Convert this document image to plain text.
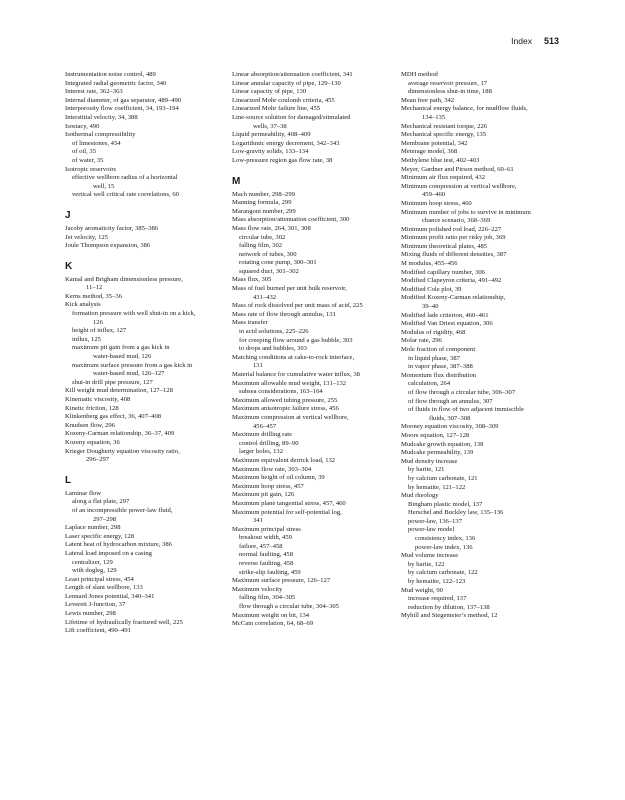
Index 513
Instrumentation noise control, 489
Integrated radial geometric factor, 340
Interest rate, 362–363
Internal diameter, of gas separator, 489–490
Interporosity flow coefficient, 34, 193–194
Interstitial velocity, 34, 388
Isostacy, 490
Isothermal compressibility
of limestones, 454
of oil, 35
of water, 35
Isotropic reservoirs
effective wellbore radius of a horizontal
well, 15
vertical well critical rate correlations, 60
J
Jacoby aromaticity factor, 385–386
Jet velocity, 125
Joule Thompson expansion, 386
K
Kamal and Brigham dimensionless pressure,
11–12
Kerns method, 35–36
Kick analysis
formation pressure with well shut-in on a kick,
126
height of influx, 127
influx, 125
maximum pit gain from a gas kick in
water-based mud, 126
maximum surface pressure from a gas kick in
water-based mud, 126–127
shut-in drill pipe pressure, 127
Kill weight mud determination, 127–128
Kinematic viscosity, 408
Kinetic friction, 128
Klinkenberg gas effect, 36, 407–408
Knudsen flow, 296
Kozeny-Carman relationship, 36–37, 409
Kozeny equation, 36
Krieger Dougherty equation viscosity ratio,
296–297
L
Laminar flow
along a flat plate, 297
of an incompressible power-law fluid,
297–298
Laplace number, 298
Laser specific energy, 128
Latent heat of hydrocarbon mixture, 386
Lateral load imposed on a casing
centralizer, 129
with dogleg, 129
Least principal stress, 454
Length of slant wellbore, 133
Lennard Jones potential, 340–341
Leverett J-function, 37
Lewis number, 298
Lifetime of hydraulically fractured well, 225
Lift coefficient, 490–491
Linear absorption/attenuation coefficient, 341
Linear annular capacity of pipe, 129–130
Linear capacity of pipe, 130
Linearized Mohr coulomb criteria, 455
Linearized Mohr failure line, 455
Line-source solution for damaged/stimulated
wells, 37–38
Liquid permeability, 408–409
Logarithmic energy decrement, 342–343
Low-gravity solids, 133–134
Low-pressure region gas flow rate, 38
M
Mach number, 298–299
Manning formula, 299
Marangoni number, 299
Mass absorption/attenuation coefficient, 300
Mass flow rate, 264, 301, 308
circular tube, 302
falling film, 302
network of tubes, 300
rotating cone pump, 300–301
squared duct, 301–302
Mass flux, 305
Mass of fuel burned per unit bulk reservoir,
431–432
Mass of rock dissolved per unit mass of acid, 225
Mass rate of flow through annulus, 131
Mass transfer
in acid solutions, 225–226
for creeping flow around a gas bubble, 303
to drops and bubbles, 303
Matching conditions at cake-to-rock interface,
131
Material balance for cumulative water influx, 38
Maximum allowable mud weight, 131–132
subsea considerations, 163–164
Maximum allowed tubing pressure, 255
Maximum anisotropic failure stress, 456
Maximum compression at vertical wellbore,
456–457
Maximum drilling rate
control drilling, 89–90
larger holes, 132
Maximum equivalent derrick load, 132
Maximum flow rate, 303–304
Maximum height of oil column, 39
Maximum hoop stress, 457
Maximum pit gain, 126
Maximum plane tangential stress, 457, 460
Maximum potential for self-potential log,
341
Maximum principal stress
breakout width, 459
failure, 457–458
normal faulting, 458
reverse faulting, 458
strike-slip faulting, 459
Maximum surface pressure, 126–127
Maximum velocity
falling film, 304–305
flow through a circular tube, 304–305
Maximum weight on bit, 134
McCain correlation, 64, 68–69
MDH method
average reservoir pressure, 17
dimensionless shut-in time, 188
Mean free path, 342
Mechanical energy balance, for mudflow fluids,
134–135
Mechanical resistant torque, 226
Mechanical specific energy, 135
Membrane potential, 342
Meterage model, 368
Methylene blue test, 402–403
Meyer, Gardner and Pirson method, 60–61
Minimum air flux required, 432
Minimum compression at vertical wellbore,
459–460
Minimum hoop stress, 460
Minimum number of jobs to survive in minimum
chance scenario, 368–369
Minimum polished rod load, 226–227
Minimum profit ratio per risky job, 369
Minimum theoretical plates, 485
Mixing fluids of different densities, 387
M modulus, 455–456
Modified capillary number, 306
Modified Clapeyron criteria, 491–492
Modified Cole plot, 39
Modified Kozeny-Carman relationship,
39–40
Modified lade criterion, 460–461
Modified Van Driest equation, 306
Modulus of rigidity, 468
Molar rate, 296
Mole fraction of component
in liquid phase, 387
in vapor phase, 387–388
Momentum flux distribution
calculation, 264
of flow through a circular tube, 306–307
of flow through an annulus, 307
of fluids in flow of two adjacent immiscible
fluids, 307–308
Mooney equation viscosity, 308–309
Moore equation, 127–128
Mudcake growth equation, 138
Mudcake permeability, 139
Mud density increase
by barite, 121
by calcium carbonate, 121
by hematite, 121–122
Mud rheology
Bingham plastic model, 137
Herschel and Buckley law, 135–136
power-law, 136–137
power-law model
consistency index, 136
power-law index, 136
Mud volume increase
by barite, 122
by calcium carbonate, 122
by hematite, 122–123
Mud weight, 90
increase required, 137
reduction by dilution, 137–138
Myhill and Stegemeier’s method, 12
